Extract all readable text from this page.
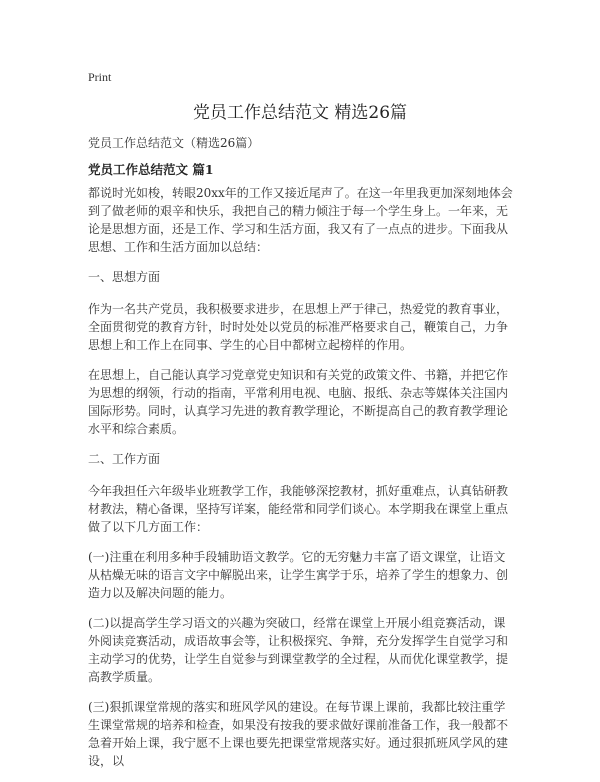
Print
党员工作总结范文 精选26篇
党员工作总结范文（精选26篇）
党员工作总结范文 篇1

都说时光如梭，转眼20xx年的工作又接近尾声了。在这一年里我更加深刻地体会到了做老师的艰辛和快乐，我把自己的精力倾注于每一个学生身上。一年来，无论是思想方面，还是工作、学习和生活方面，我又有了一点点的进步。下面我从思想、工作和生活方面加以总结：

一、思想方面

作为一名共产党员，我积极要求进步，在思想上严于律己，热爱党的教育事业，全面贯彻党的教育方针，时时处处以党员的标准严格要求自己，鞭策自己，力争思想上和工作上在同事、学生的心目中都树立起榜样的作用。

在思想上，自己能认真学习党章党史知识和有关党的政策文件、书籍，并把它作为思想的纲领，行动的指南，平常利用电视、电脑、报纸、杂志等媒体关注国内国际形势。同时，认真学习先进的教育教学理论，不断提高自己的教育教学理论水平和综合素质。

二、工作方面

今年我担任六年级毕业班教学工作，我能够深挖教材，抓好重难点，认真钻研教材教法，精心备课，坚持写详案，能经常和同学们谈心。本学期我在课堂上重点做了以下几方面工作：

(一)注重在利用多种手段辅助语文教学。它的无穷魅力丰富了语文课堂，让语文从枯燥无味的语言文字中解脱出来，让学生寓学于乐，培养了学生的想象力、创造力以及解决问题的能力。

(二)以提高学生学习语文的兴趣为突破口，经常在课堂上开展小组竞赛活动，课外阅读竞赛活动，成语故事会等，让积极探究、争辩，充分发挥学生自觉学习和主动学习的优势，让学生自觉参与到课堂教学的全过程，从而优化课堂教学，提高教学质量。

(三)狠抓课堂常规的落实和班风学风的建设。在每节课上课前，我都比较注重学生课堂常规的培养和检查，如果没有按我的要求做好课前准备工作，我一般都不急着开始上课，我宁愿不上课也要先把课堂常规落实好。通过狠抓班风学风的建设，以
